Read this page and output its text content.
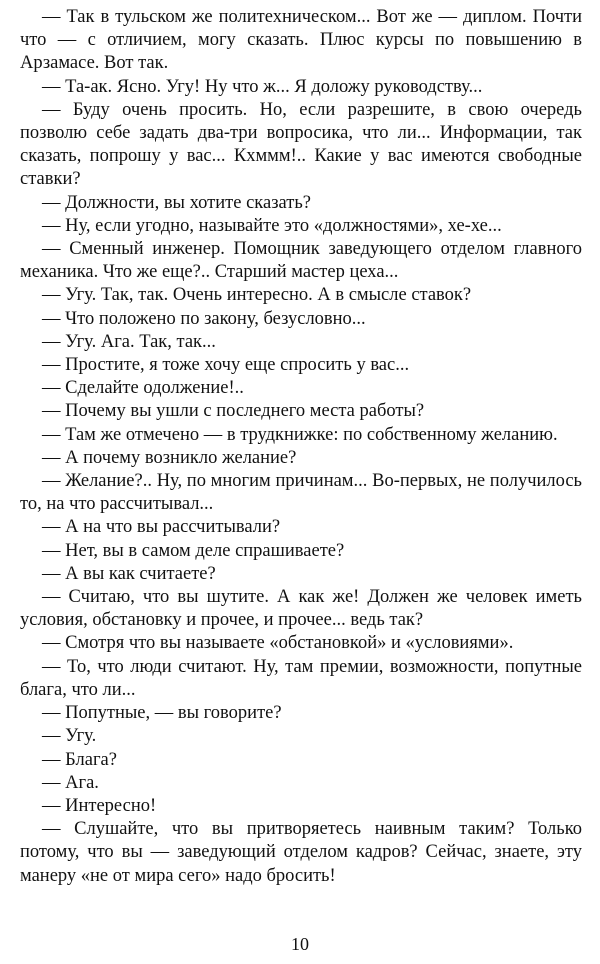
— Так в тульском же политехническом... Вот же — диплом. Почти что — с отличием, могу сказать. Плюс курсы по повышению в Арзамасе. Вот так.

— Та-ак. Ясно. Угу! Ну что ж... Я доложу руководству...

— Буду очень просить. Но, если разрешите, в свою очередь позволю себе задать два-три вопросика, что ли... Информации, так сказать, попрошу у вас... Кхммм!.. Какие у вас имеются свободные ставки?

— Должности, вы хотите сказать?

— Ну, если угодно, называйте это «должностями», хе-хе...

— Сменный инженер. Помощник заведующего отделом главного механика. Что же еще?.. Старший мастер цеха...

— Угу. Так, так. Очень интересно. А в смысле ставок?

— Что положено по закону, безусловно...

— Угу. Ага. Так, так...

— Простите, я тоже хочу еще спросить у вас...

— Сделайте одолжение!..

— Почему вы ушли с последнего места работы?

— Там же отмечено — в трудкнижке: по собственному желанию.

— А почему возникло желание?

— Желание?.. Ну, по многим причинам... Во-первых, не получилось то, на что рассчитывал...

— А на что вы рассчитывали?

— Нет, вы в самом деле спрашиваете?

— А вы как считаете?

— Считаю, что вы шутите. А как же! Должен же человек иметь условия, обстановку и прочее, и прочее... ведь так?

— Смотря что вы называете «обстановкой» и «условиями».

— То, что люди считают. Ну, там премии, возможности, попутные блага, что ли...

— Попутные, — вы говорите?

— Угу.

— Блага?

— Ага.

— Интересно!

— Слушайте, что вы притворяетесь наивным таким? Только потому, что вы — заведующий отделом кадров? Сейчас, знаете, эту манеру «не от мира сего» надо бросить!

10
